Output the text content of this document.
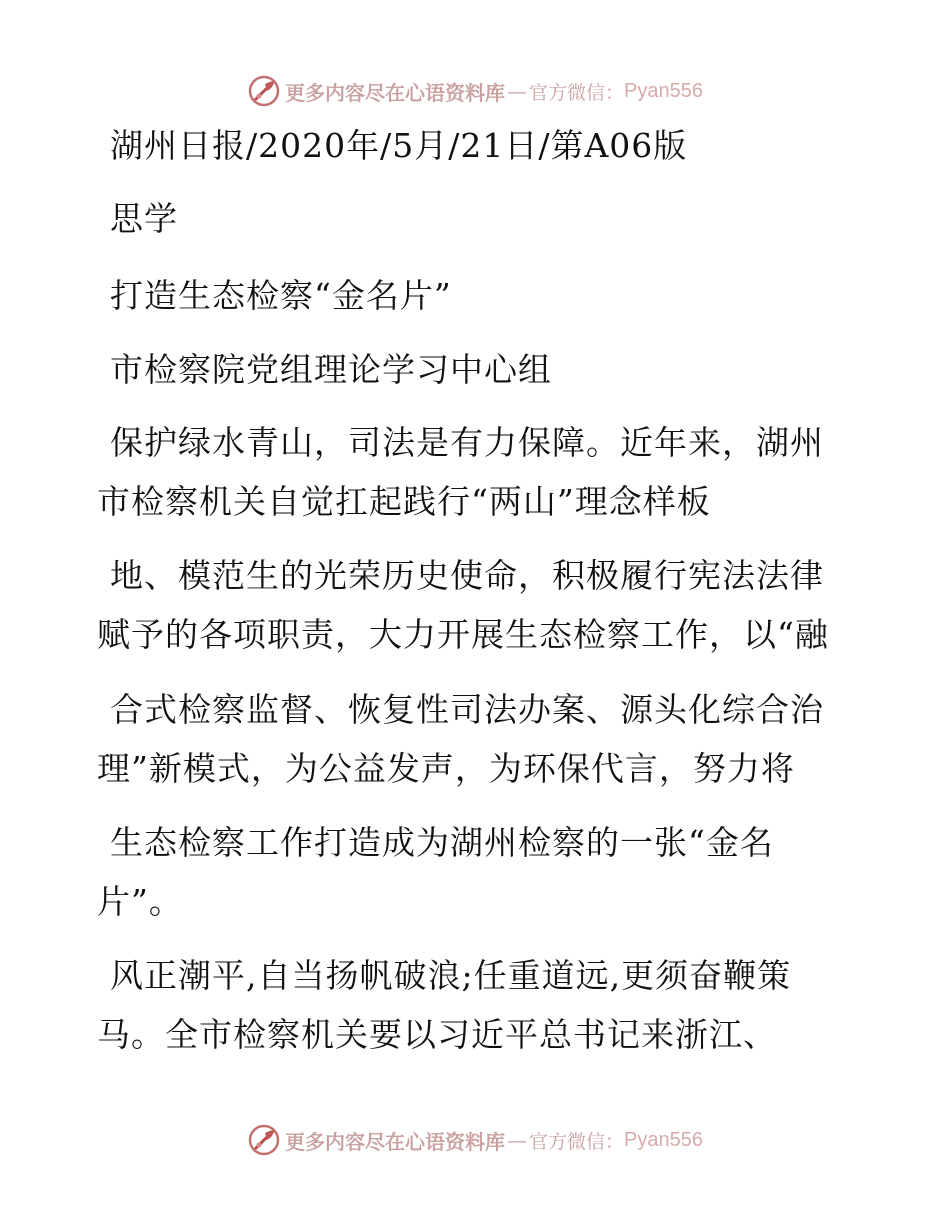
更多内容尽在心语资料库 — 官方微信： Pyan556
湖州日报/2020年/5月/21日/第A06版
思学
打造生态检察“金名片”
市检察院党组理论学习中心组
保护绿水青山，司法是有力保障。近年来，湖州
市检察机关自觉扛起践行“两山”理念样板
地、模范生的光荣历史使命，积极履行宪法法律
赋予的各项职责，大力开展生态检察工作，以“融
合式检察监督、恢复性司法办案、源头化综合治
理”新模式，为公益发声，为环保代言，努力将
生态检察工作打造成为湖州检察的一张“金名
片”。
风正潮平,自当扬帆破浪;任重道远,更须奋鞭策
马。全市检察机关要以习近平总书记来浙江、
更多内容尽在心语资料库 — 官方微信： Pyan556
